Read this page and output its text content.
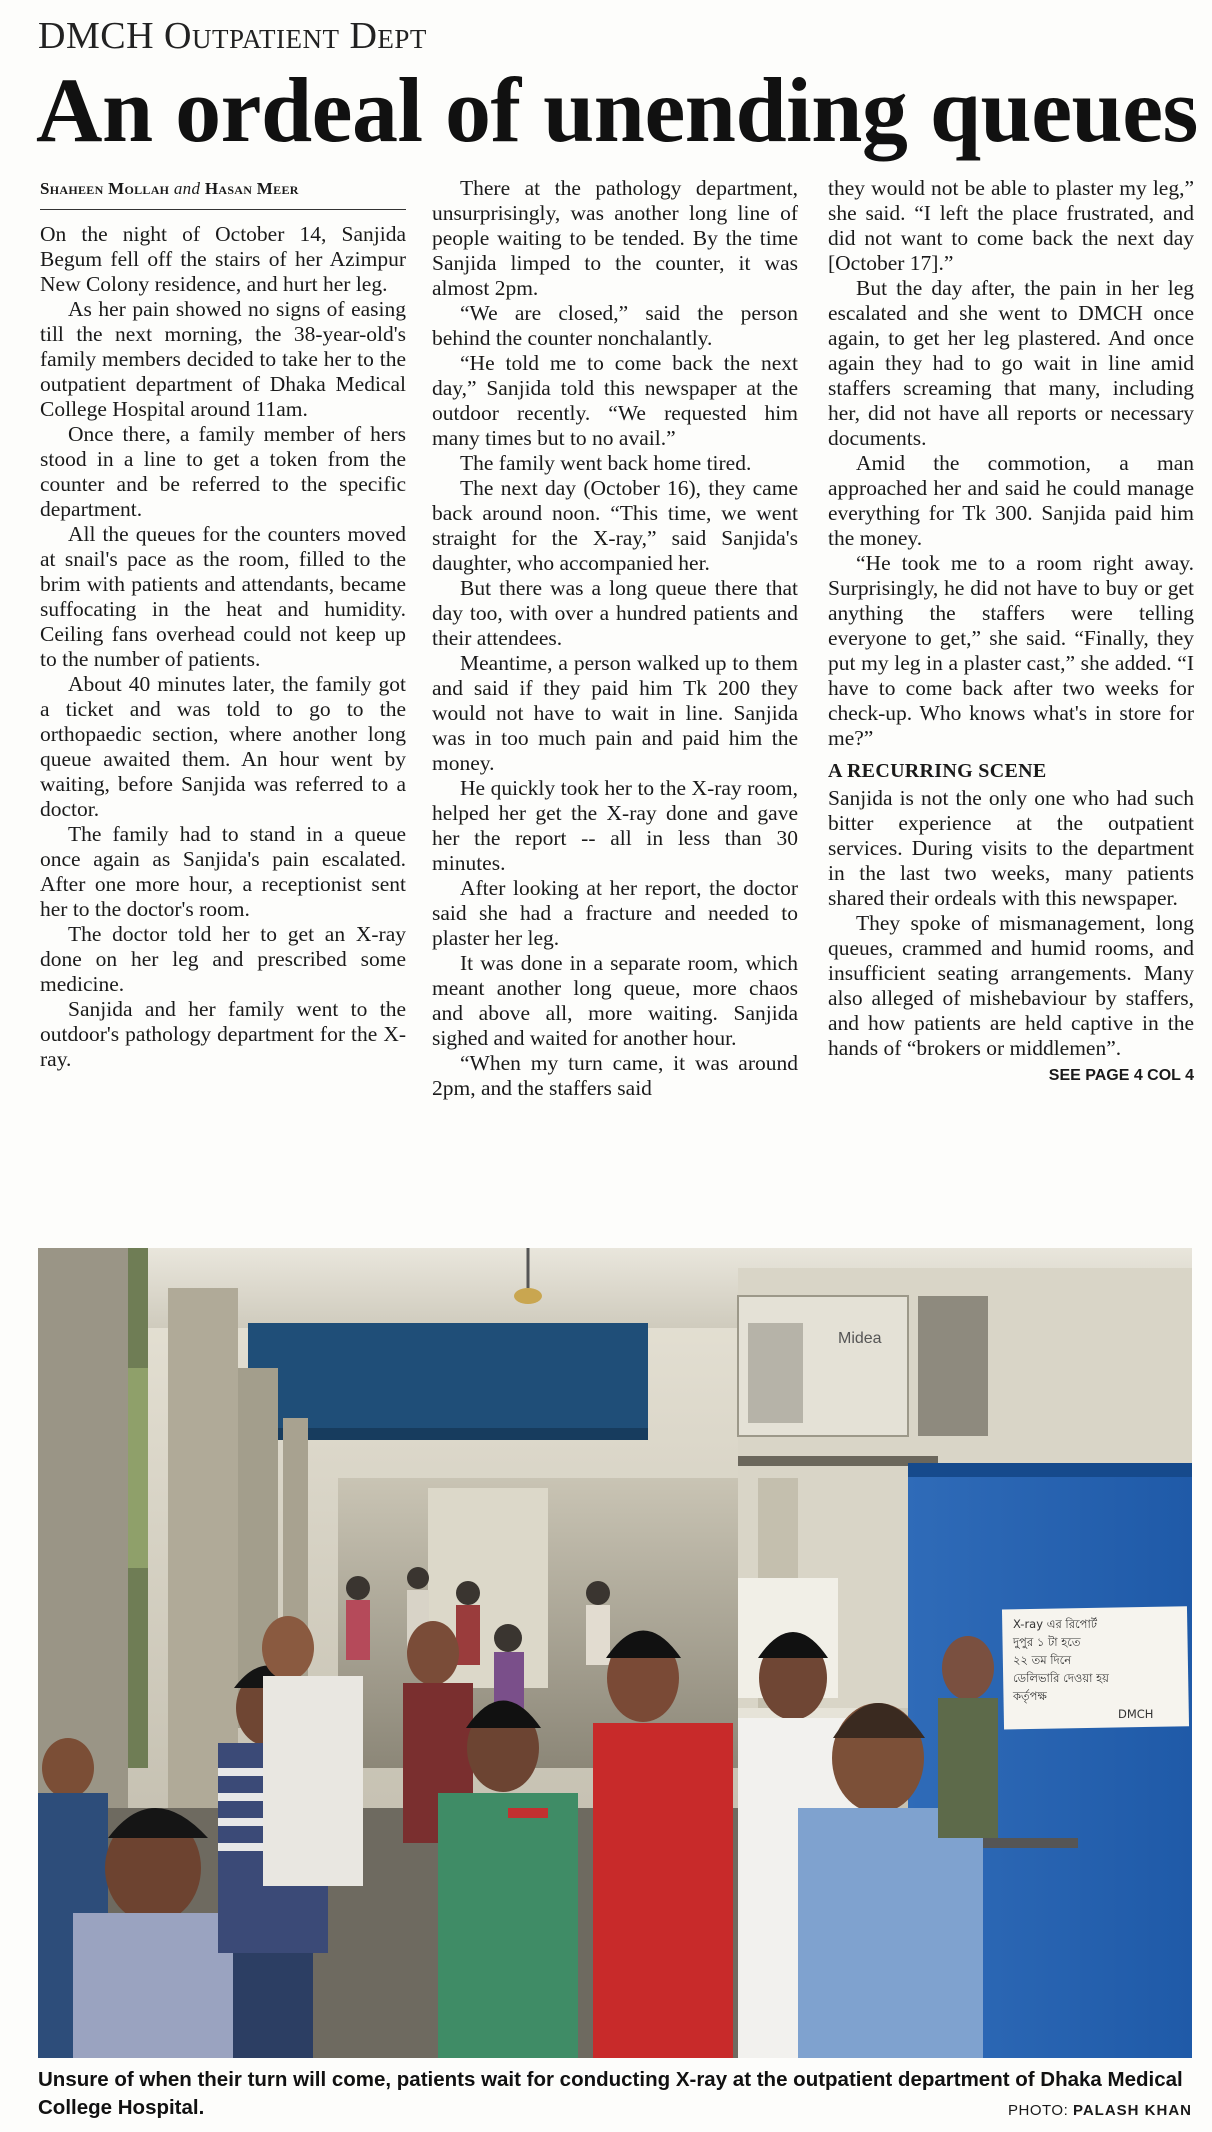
DMCH Outpatient Dept
An ordeal of unending queues
Shaheen Mollah and Hasan Meer

On the night of October 14, Sanjida Begum fell off the stairs of her Azimpur New Colony residence, and hurt her leg.

As her pain showed no signs of easing till the next morning, the 38-year-old's family members decided to take her to the outpatient department of Dhaka Medical College Hospital around 11am.

Once there, a family member of hers stood in a line to get a token from the counter and be referred to the specific department.

All the queues for the counters moved at snail's pace as the room, filled to the brim with patients and attendants, became suffocating in the heat and humidity. Ceiling fans overhead could not keep up to the number of patients.

About 40 minutes later, the family got a ticket and was told to go to the orthopaedic section, where another long queue awaited them. An hour went by waiting, before Sanjida was referred to a doctor.

The family had to stand in a queue once again as Sanjida's pain escalated. After one more hour, a receptionist sent her to the doctor's room.

The doctor told her to get an X-ray done on her leg and prescribed some medicine.

Sanjida and her family went to the outdoor's pathology department for the X-ray.

There at the pathology department, unsurprisingly, was another long line of people waiting to be tended. By the time Sanjida limped to the counter, it was almost 2pm.

“We are closed,” said the person behind the counter nonchalantly.

“He told me to come back the next day,” Sanjida told this newspaper at the outdoor recently. “We requested him many times but to no avail.”

The family went back home tired.

The next day (October 16), they came back around noon. “This time, we went straight for the X-ray,” said Sanjida's daughter, who accompanied her.

But there was a long queue there that day too, with over a hundred patients and their attendees.

Meantime, a person walked up to them and said if they paid him Tk 200 they would not have to wait in line. Sanjida was in too much pain and paid him the money.

He quickly took her to the X-ray room, helped her get the X-ray done and gave her the report -- all in less than 30 minutes.

After looking at her report, the doctor said she had a fracture and needed to plaster her leg.

It was done in a separate room, which meant another long queue, more chaos and above all, more waiting. Sanjida sighed and waited for another hour.

“When my turn came, it was around 2pm, and the staffers said

they would not be able to plaster my leg,” she said. “I left the place frustrated, and did not want to come back the next day [October 17].”

But the day after, the pain in her leg escalated and she went to DMCH once again, to get her leg plastered. And once again they had to go wait in line amid staffers screaming that many, including her, did not have all reports or necessary documents.

Amid the commotion, a man approached her and said he could manage everything for Tk 300. Sanjida paid him the money.

“He took me to a room right away. Surprisingly, he did not have to buy or get anything the staffers were telling everyone to get,” she said. “Finally, they put my leg in a plaster cast,” she added. “I have to come back after two weeks for check-up. Who knows what's in store for me?”

A RECURRING SCENE

Sanjida is not the only one who had such bitter experience at the outpatient services. During visits to the department in the last two weeks, many patients shared their ordeals with this newspaper.

They spoke of mismanagement, long queues, crammed and humid rooms, and insufficient seating arrangements. Many also alleged of mishebaviour by staffers, and how patients are held captive in the hands of “brokers or middlemen”.

SEE PAGE 4 COL 4
Midea
X-ray এর রিপোর্ট দুপুর ১ টা হতে ২২ তম দিনে ডেলিভারি দেওয়া হয় কর্তৃপক্ষ DMCH
Unsure of when their turn will come, patients wait for conducting X-ray at the outpatient department of Dhaka Medical College Hospital.	PHOTO: PALASH KHAN
